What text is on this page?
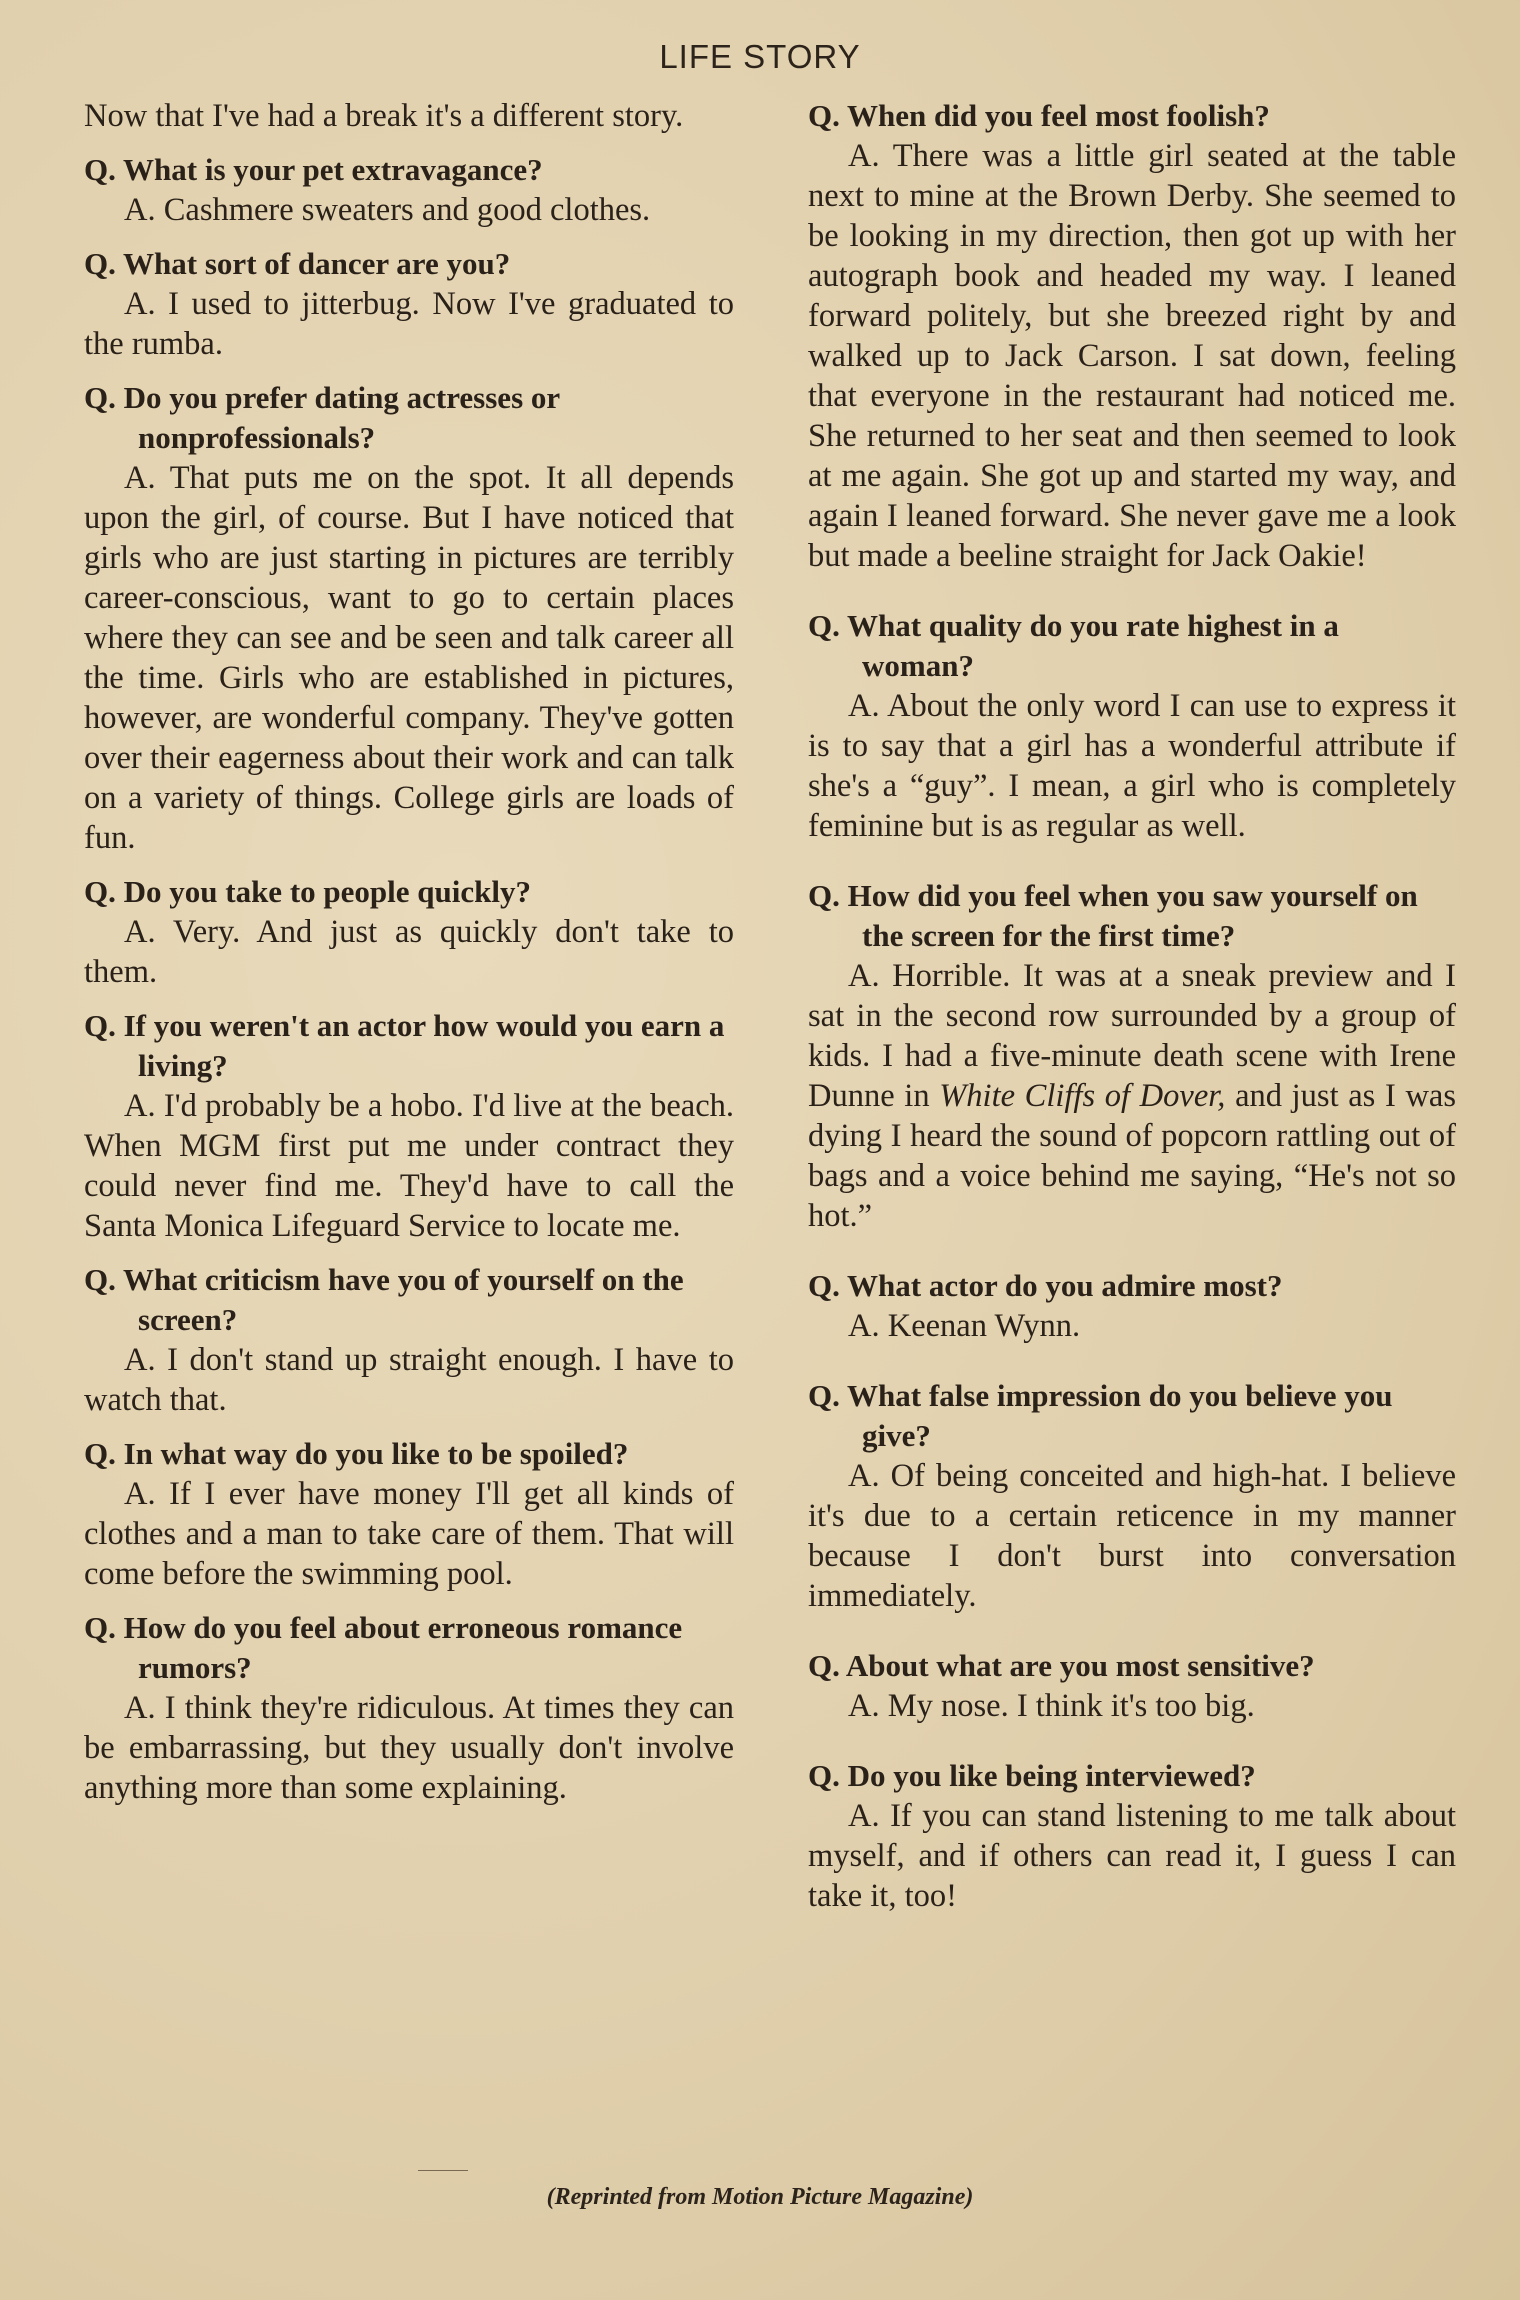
LIFE STORY

Now that I've had a break it's a different story.

Q. What is your pet extravagance?

A. Cashmere sweaters and good clothes.

Q. What sort of dancer are you?

A. I used to jitterbug. Now I've graduated to the rumba.

Q. Do you prefer dating actresses or nonprofessionals?

A. That puts me on the spot. It all depends upon the girl, of course. But I have noticed that girls who are just starting in pictures are terribly career-conscious, want to go to certain places where they can see and be seen and talk career all the time. Girls who are established in pictures, however, are wonderful company. They've gotten over their eagerness about their work and can talk on a variety of things. College girls are loads of fun.

Q. Do you take to people quickly?

A. Very. And just as quickly don't take to them.

Q. If you weren't an actor how would you earn a living?

A. I'd probably be a hobo. I'd live at the beach. When MGM first put me under contract they could never find me. They'd have to call the Santa Monica Lifeguard Service to locate me.

Q. What criticism have you of yourself on the screen?

A. I don't stand up straight enough. I have to watch that.

Q. In what way do you like to be spoiled?

A. If I ever have money I'll get all kinds of clothes and a man to take care of them. That will come before the swimming pool.

Q. How do you feel about erroneous romance rumors?

A. I think they're ridiculous. At times they can be embarrassing, but they usually don't involve anything more than some explaining.

Q. When did you feel most foolish?

A. There was a little girl seated at the table next to mine at the Brown Derby. She seemed to be looking in my direction, then got up with her autograph book and headed my way. I leaned forward politely, but she breezed right by and walked up to Jack Carson. I sat down, feeling that everyone in the restaurant had noticed me. She returned to her seat and then seemed to look at me again. She got up and started my way, and again I leaned forward. She never gave me a look but made a beeline straight for Jack Oakie!

Q. What quality do you rate highest in a woman?

A. About the only word I can use to express it is to say that a girl has a wonderful attribute if she's a “guy”. I mean, a girl who is completely feminine but is as regular as well.

Q. How did you feel when you saw yourself on the screen for the first time?

A. Horrible. It was at a sneak preview and I sat in the second row surrounded by a group of kids. I had a five-minute death scene with Irene Dunne in White Cliffs of Dover, and just as I was dying I heard the sound of popcorn rattling out of bags and a voice behind me saying, “He's not so hot.”

Q. What actor do you admire most?

A. Keenan Wynn.

Q. What false impression do you believe you give?

A. Of being conceited and high-hat. I believe it's due to a certain reticence in my manner because I don't burst into conversation immediately.

Q. About what are you most sensitive?

A. My nose. I think it's too big.

Q. Do you like being interviewed?

A. If you can stand listening to me talk about myself, and if others can read it, I guess I can take it, too!

(Reprinted from Motion Picture Magazine)
